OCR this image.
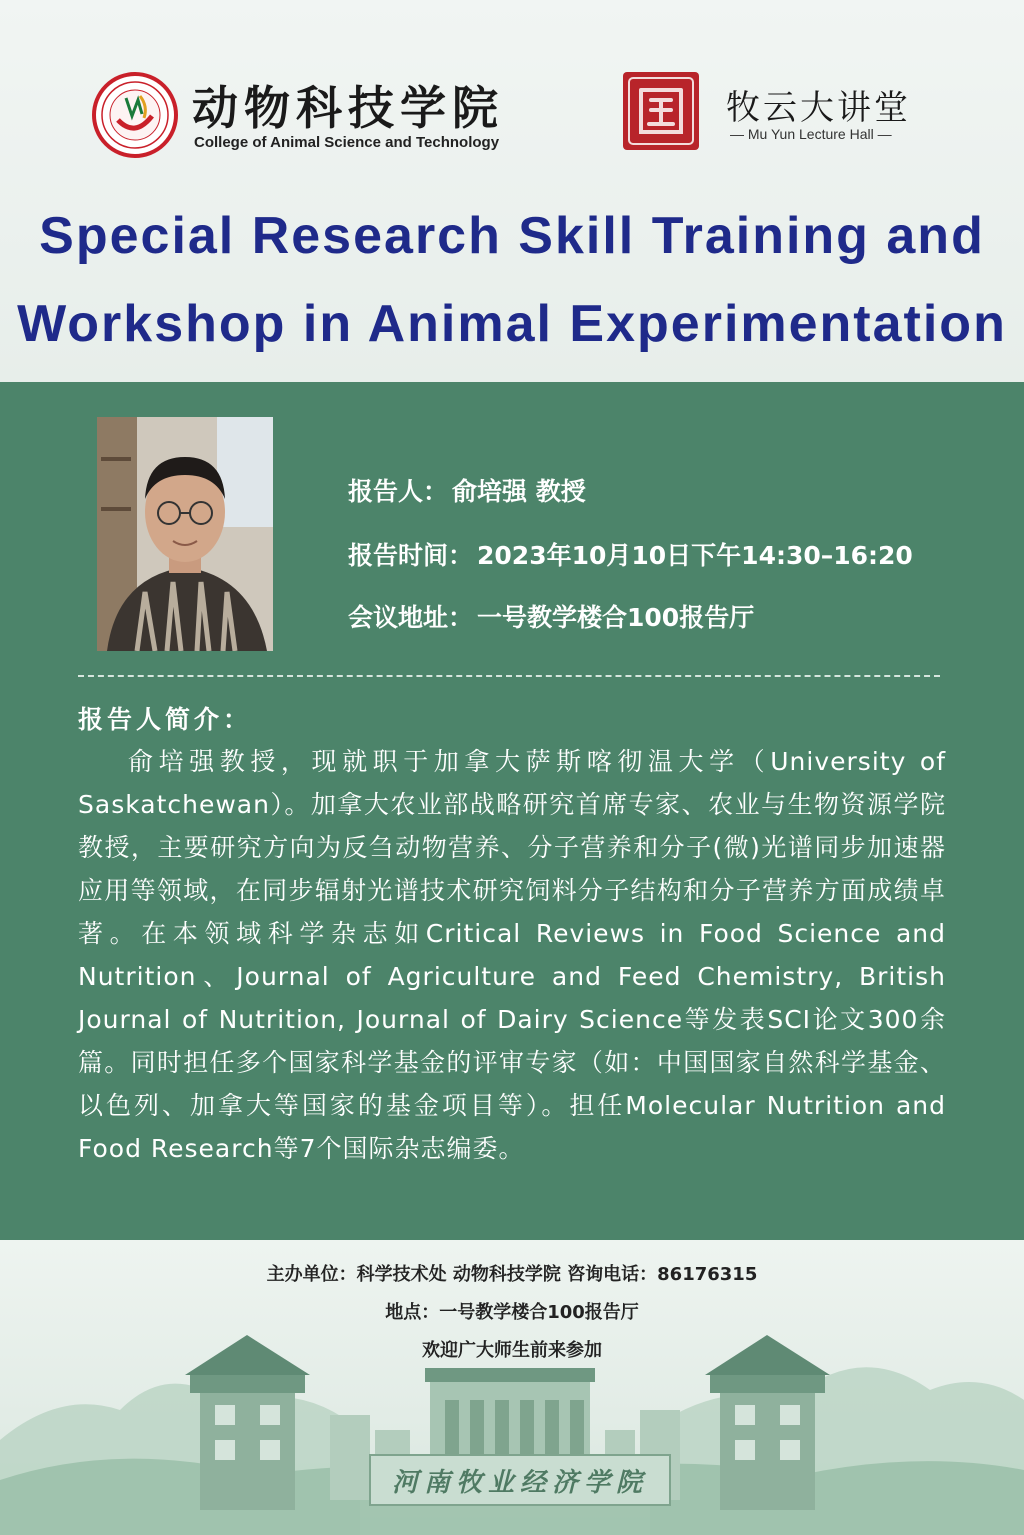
动物科技学院
College of Animal Science and Technology
牧云大讲堂
— Mu Yun Lecture Hall —
Special Research Skill Training and
Workshop in Animal Experimentation
报告人： 俞培强 教授
报告时间： 2023年10月10日下午14:30–16:20
会议地址： 一号教学楼合100报告厅
报告人简介：
俞培强教授，现就职于加拿大萨斯喀彻温大学（University of Saskatchewan）。加拿大农业部战略研究首席专家、农业与生物资源学院教授，主要研究方向为反刍动物营养、分子营养和分子(微)光谱同步加速器应用等领域，在同步辐射光谱技术研究饲料分子结构和分子营养方面成绩卓著。在本领域科学杂志如Critical Reviews in Food Science and Nutrition、Journal of Agriculture and Feed Chemistry, British Journal of Nutrition, Journal of Dairy Science等发表SCI论文300余篇。同时担任多个国家科学基金的评审专家（如：中国国家自然科学基金、以色列、加拿大等国家的基金项目等）。担任Molecular Nutrition and Food Research等7个国际杂志编委。
河南牧业经济学院
主办单位：科学技术处 动物科技学院 咨询电话：86176315
地点：一号教学楼合100报告厅
欢迎广大师生前来参加
